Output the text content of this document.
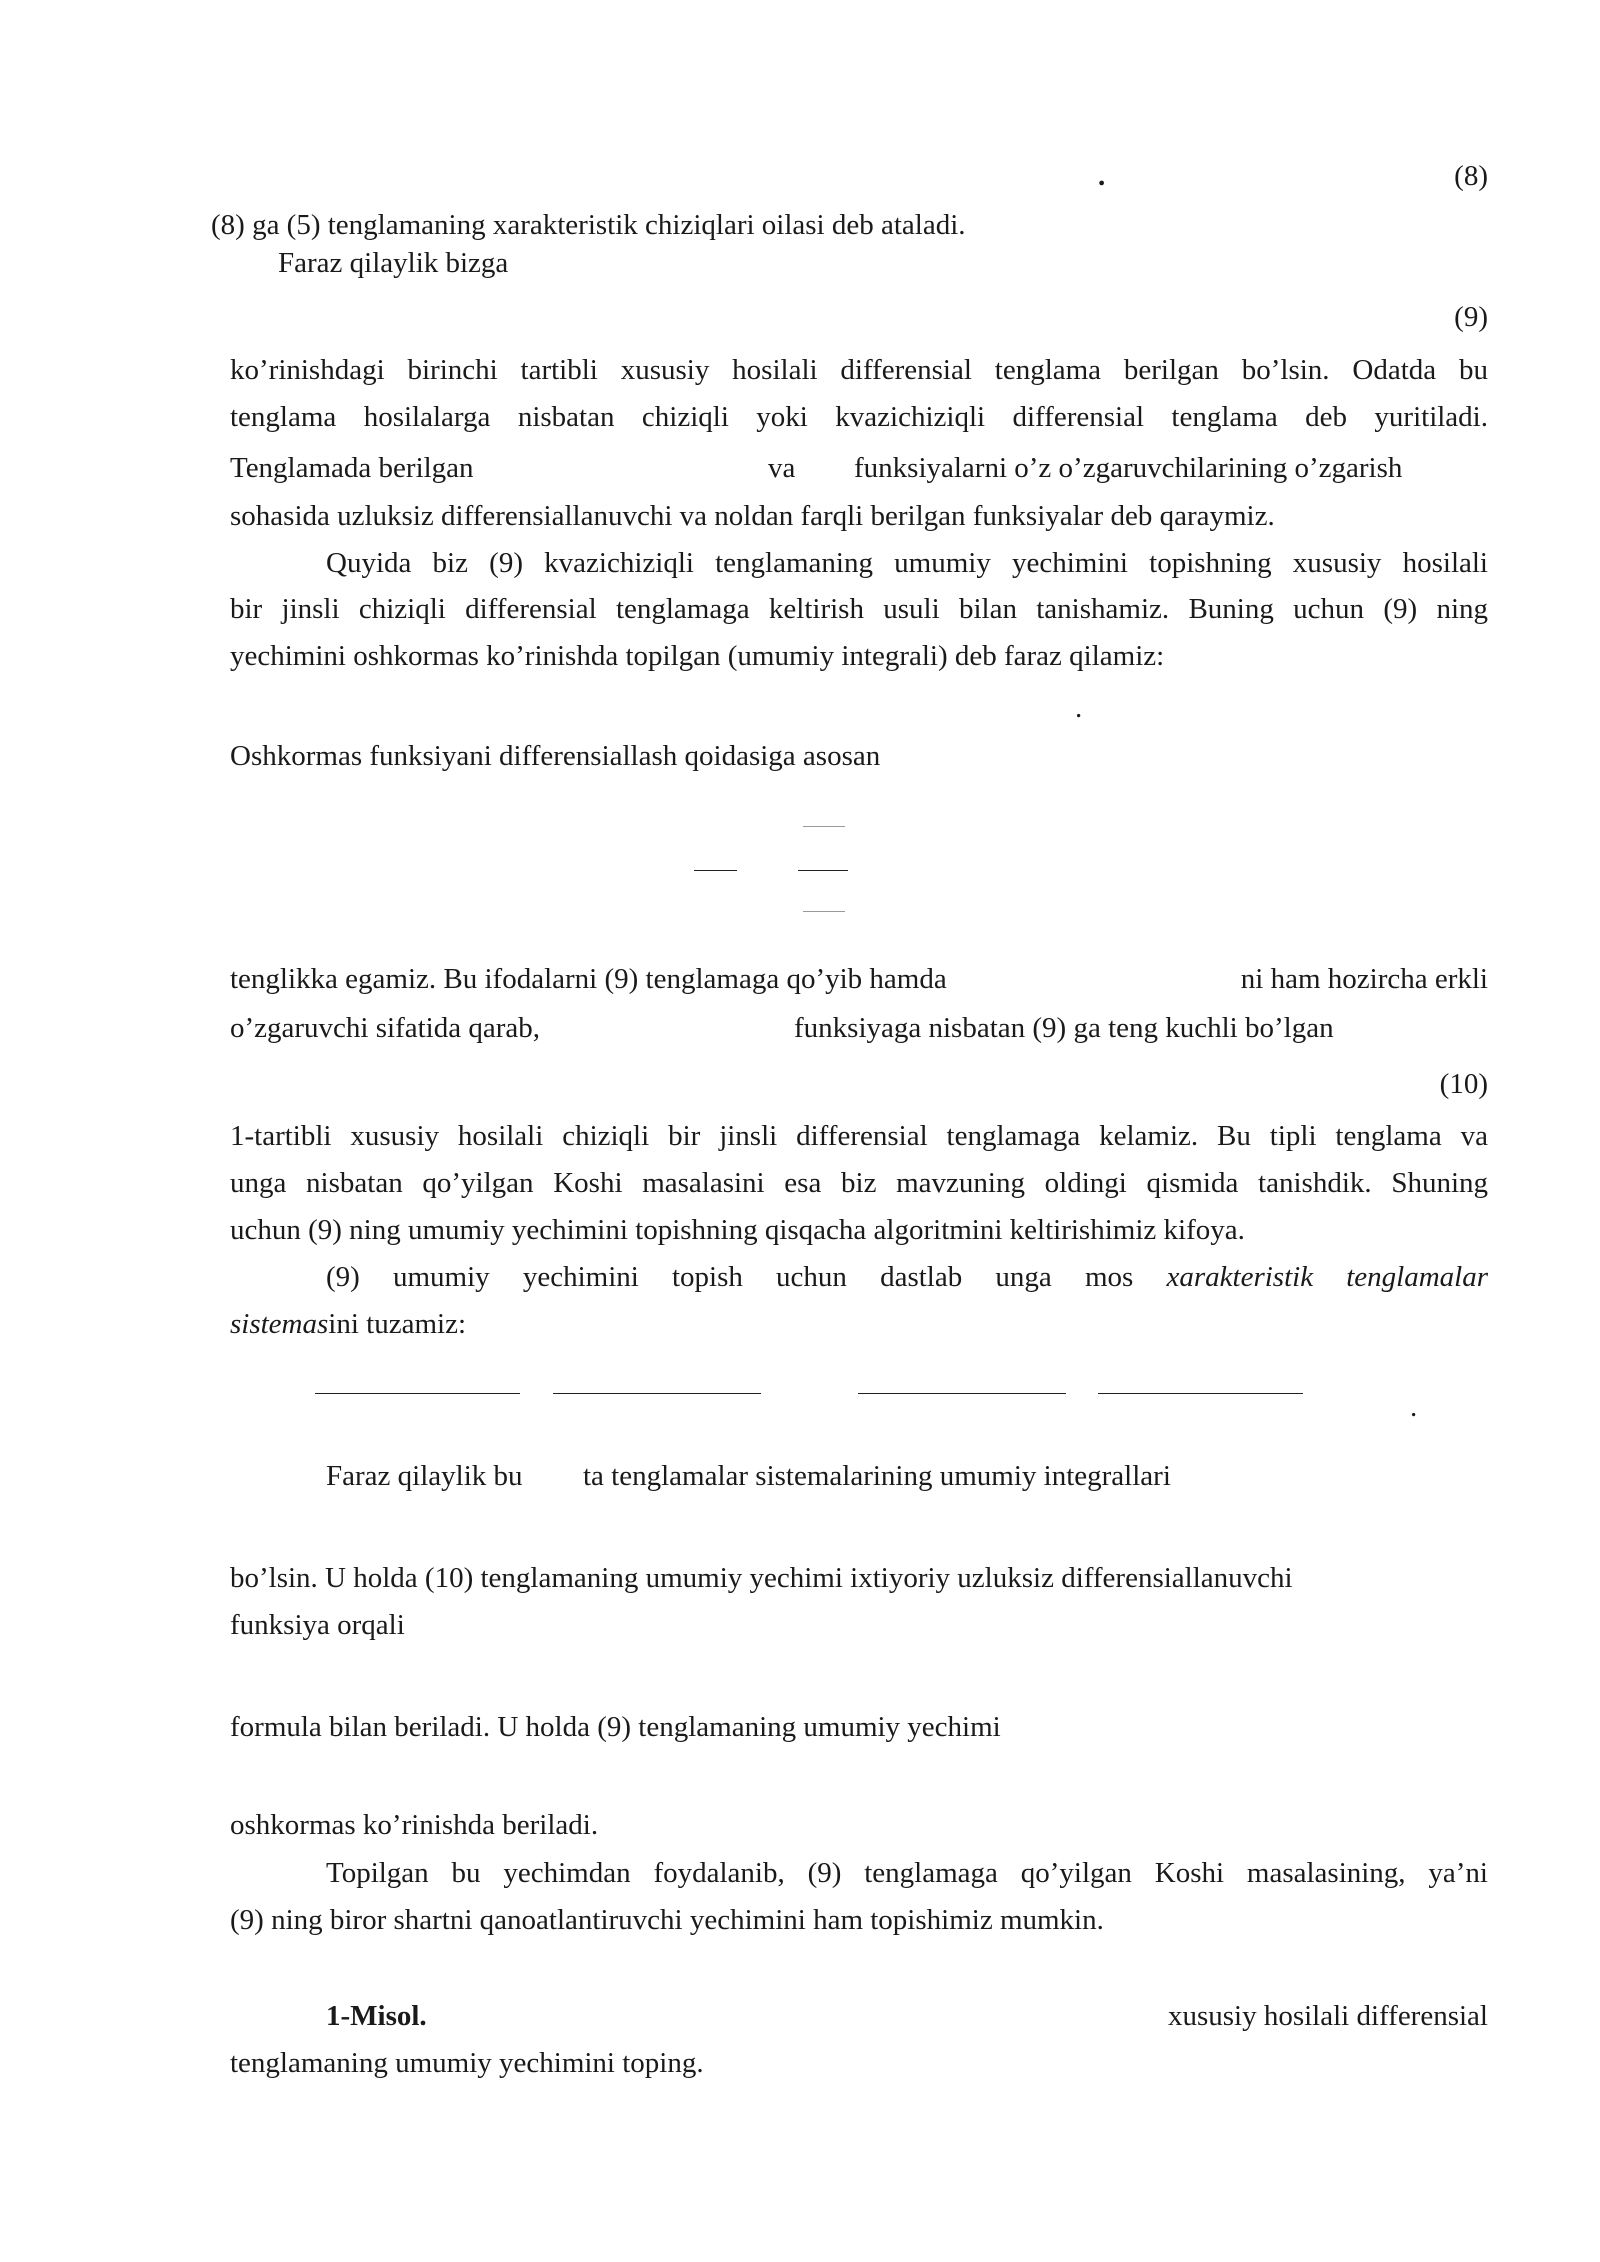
.	(8)
(8) ga (5) tenglamaning xarakteristik chiziqlari oilasi deb ataladi.
Faraz qilaylik bizga
(9)
ko’rinishdagi birinchi tartibli xususiy hosilali differensial tenglama berilgan bo’lsin. Odatda bu
tenglama hosilalarga nisbatan chiziqli yoki kvazichiziqli differensial tenglama deb yuritiladi.
Tenglamada berilgan	va funksiyalarni o’z o’zgaruvchilarining o’zgarish
sohasida uzluksiz differensiallanuvchi va noldan farqli berilgan funksiyalar deb qaraymiz.
Quyida biz (9) kvazichiziqli tenglamaning umumiy yechimini topishning xususiy hosilali
bir jinsli chiziqli differensial tenglamaga keltirish usuli bilan tanishamiz. Buning uchun (9) ning
yechimini oshkormas ko’rinishda topilgan (umumiy integrali) deb faraz qilamiz:
.
Oshkormas funksiyani differensiallash qoidasiga asosan
tenglikka egamiz. Bu ifodalarni (9) tenglamaga qo’yib hamda	ni ham hozircha erkli
o’zgaruvchi sifatida qarab,	funksiyaga nisbatan (9) ga teng kuchli bo’lgan
(10)
1-tartibli xususiy hosilali chiziqli bir jinsli differensial tenglamaga kelamiz. Bu tipli tenglama va
unga nisbatan qo’yilgan Koshi masalasini esa biz mavzuning oldingi qismida tanishdik. Shuning
uchun (9) ning umumiy yechimini topishning qisqacha algoritmini keltirishimiz kifoya.
(9) umumiy yechimini topish uchun dastlab unga mos xarakteristik tenglamalar
sistemasini tuzamiz:
.
Faraz qilaylik bu ta tenglamalar sistemalarining umumiy integrallari
bo’lsin. U holda (10) tenglamaning umumiy yechimi ixtiyoriy uzluksiz differensiallanuvchi
funksiya orqali
formula bilan beriladi. U holda (9) tenglamaning umumiy yechimi
oshkormas ko’rinishda beriladi.
Topilgan bu yechimdan foydalanib, (9) tenglamaga qo’yilgan Koshi masalasining, ya’ni
(9) ning biror shartni qanoatlantiruvchi yechimini ham topishimiz mumkin.
1-Misol.	xususiy hosilali differensial
tenglamaning umumiy yechimini toping.
